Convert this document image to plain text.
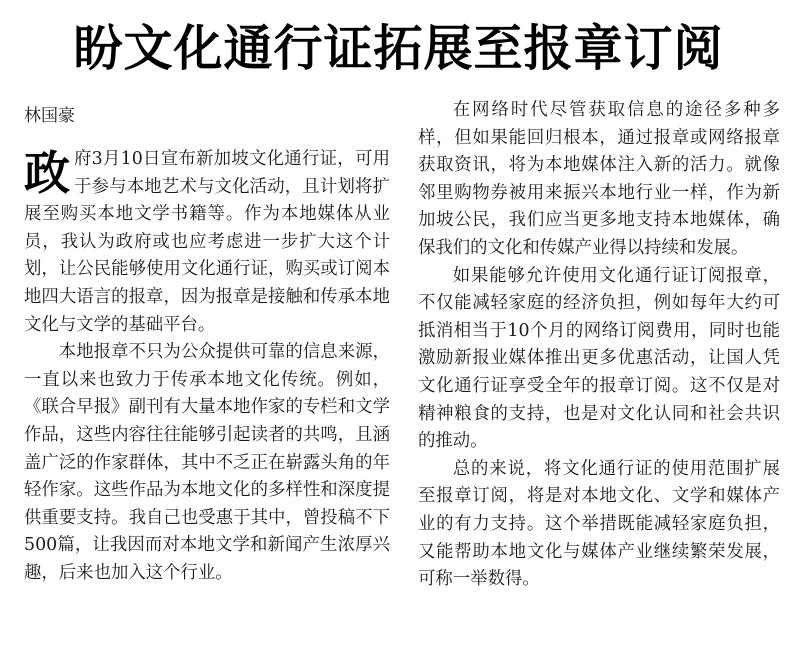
盼文化通行证拓展至报章订阅
林国豪

政府3月10日宣布新加坡文化通行证，可用于参与本地艺术与文化活动，且计划将扩展至购买本地文学书籍等。作为本地媒体从业员，我认为政府或也应考虑进一步扩大这个计划，让公民能够使用文化通行证，购买或订阅本地四大语言的报章，因为报章是接触和传承本地文化与文学的基础平台。

本地报章不只为公众提供可靠的信息来源，一直以来也致力于传承本地文化传统。例如，《联合早报》副刊有大量本地作家的专栏和文学作品，这些内容往往能够引起读者的共鸣，且涵盖广泛的作家群体，其中不乏正在崭露头角的年轻作家。这些作品为本地文化的多样性和深度提供重要支持。我自己也受惠于其中，曾投稿不下500篇，让我因而对本地文学和新闻产生浓厚兴趣，后来也加入这个行业。

在网络时代尽管获取信息的途径多种多样，但如果能回归根本，通过报章或网络报章获取资讯，将为本地媒体注入新的活力。就像邻里购物券被用来振兴本地行业一样，作为新加坡公民，我们应当更多地支持本地媒体，确保我们的文化和传媒产业得以持续和发展。

如果能够允许使用文化通行证订阅报章，不仅能减轻家庭的经济负担，例如每年大约可抵消相当于10个月的网络订阅费用，同时也能激励新报业媒体推出更多优惠活动，让国人凭文化通行证享受全年的报章订阅。这不仅是对精神粮食的支持，也是对文化认同和社会共识的推动。

总的来说，将文化通行证的使用范围扩展至报章订阅，将是对本地文化、文学和媒体产业的有力支持。这个举措既能减轻家庭负担，又能帮助本地文化与媒体产业继续繁荣发展，可称一举数得。
